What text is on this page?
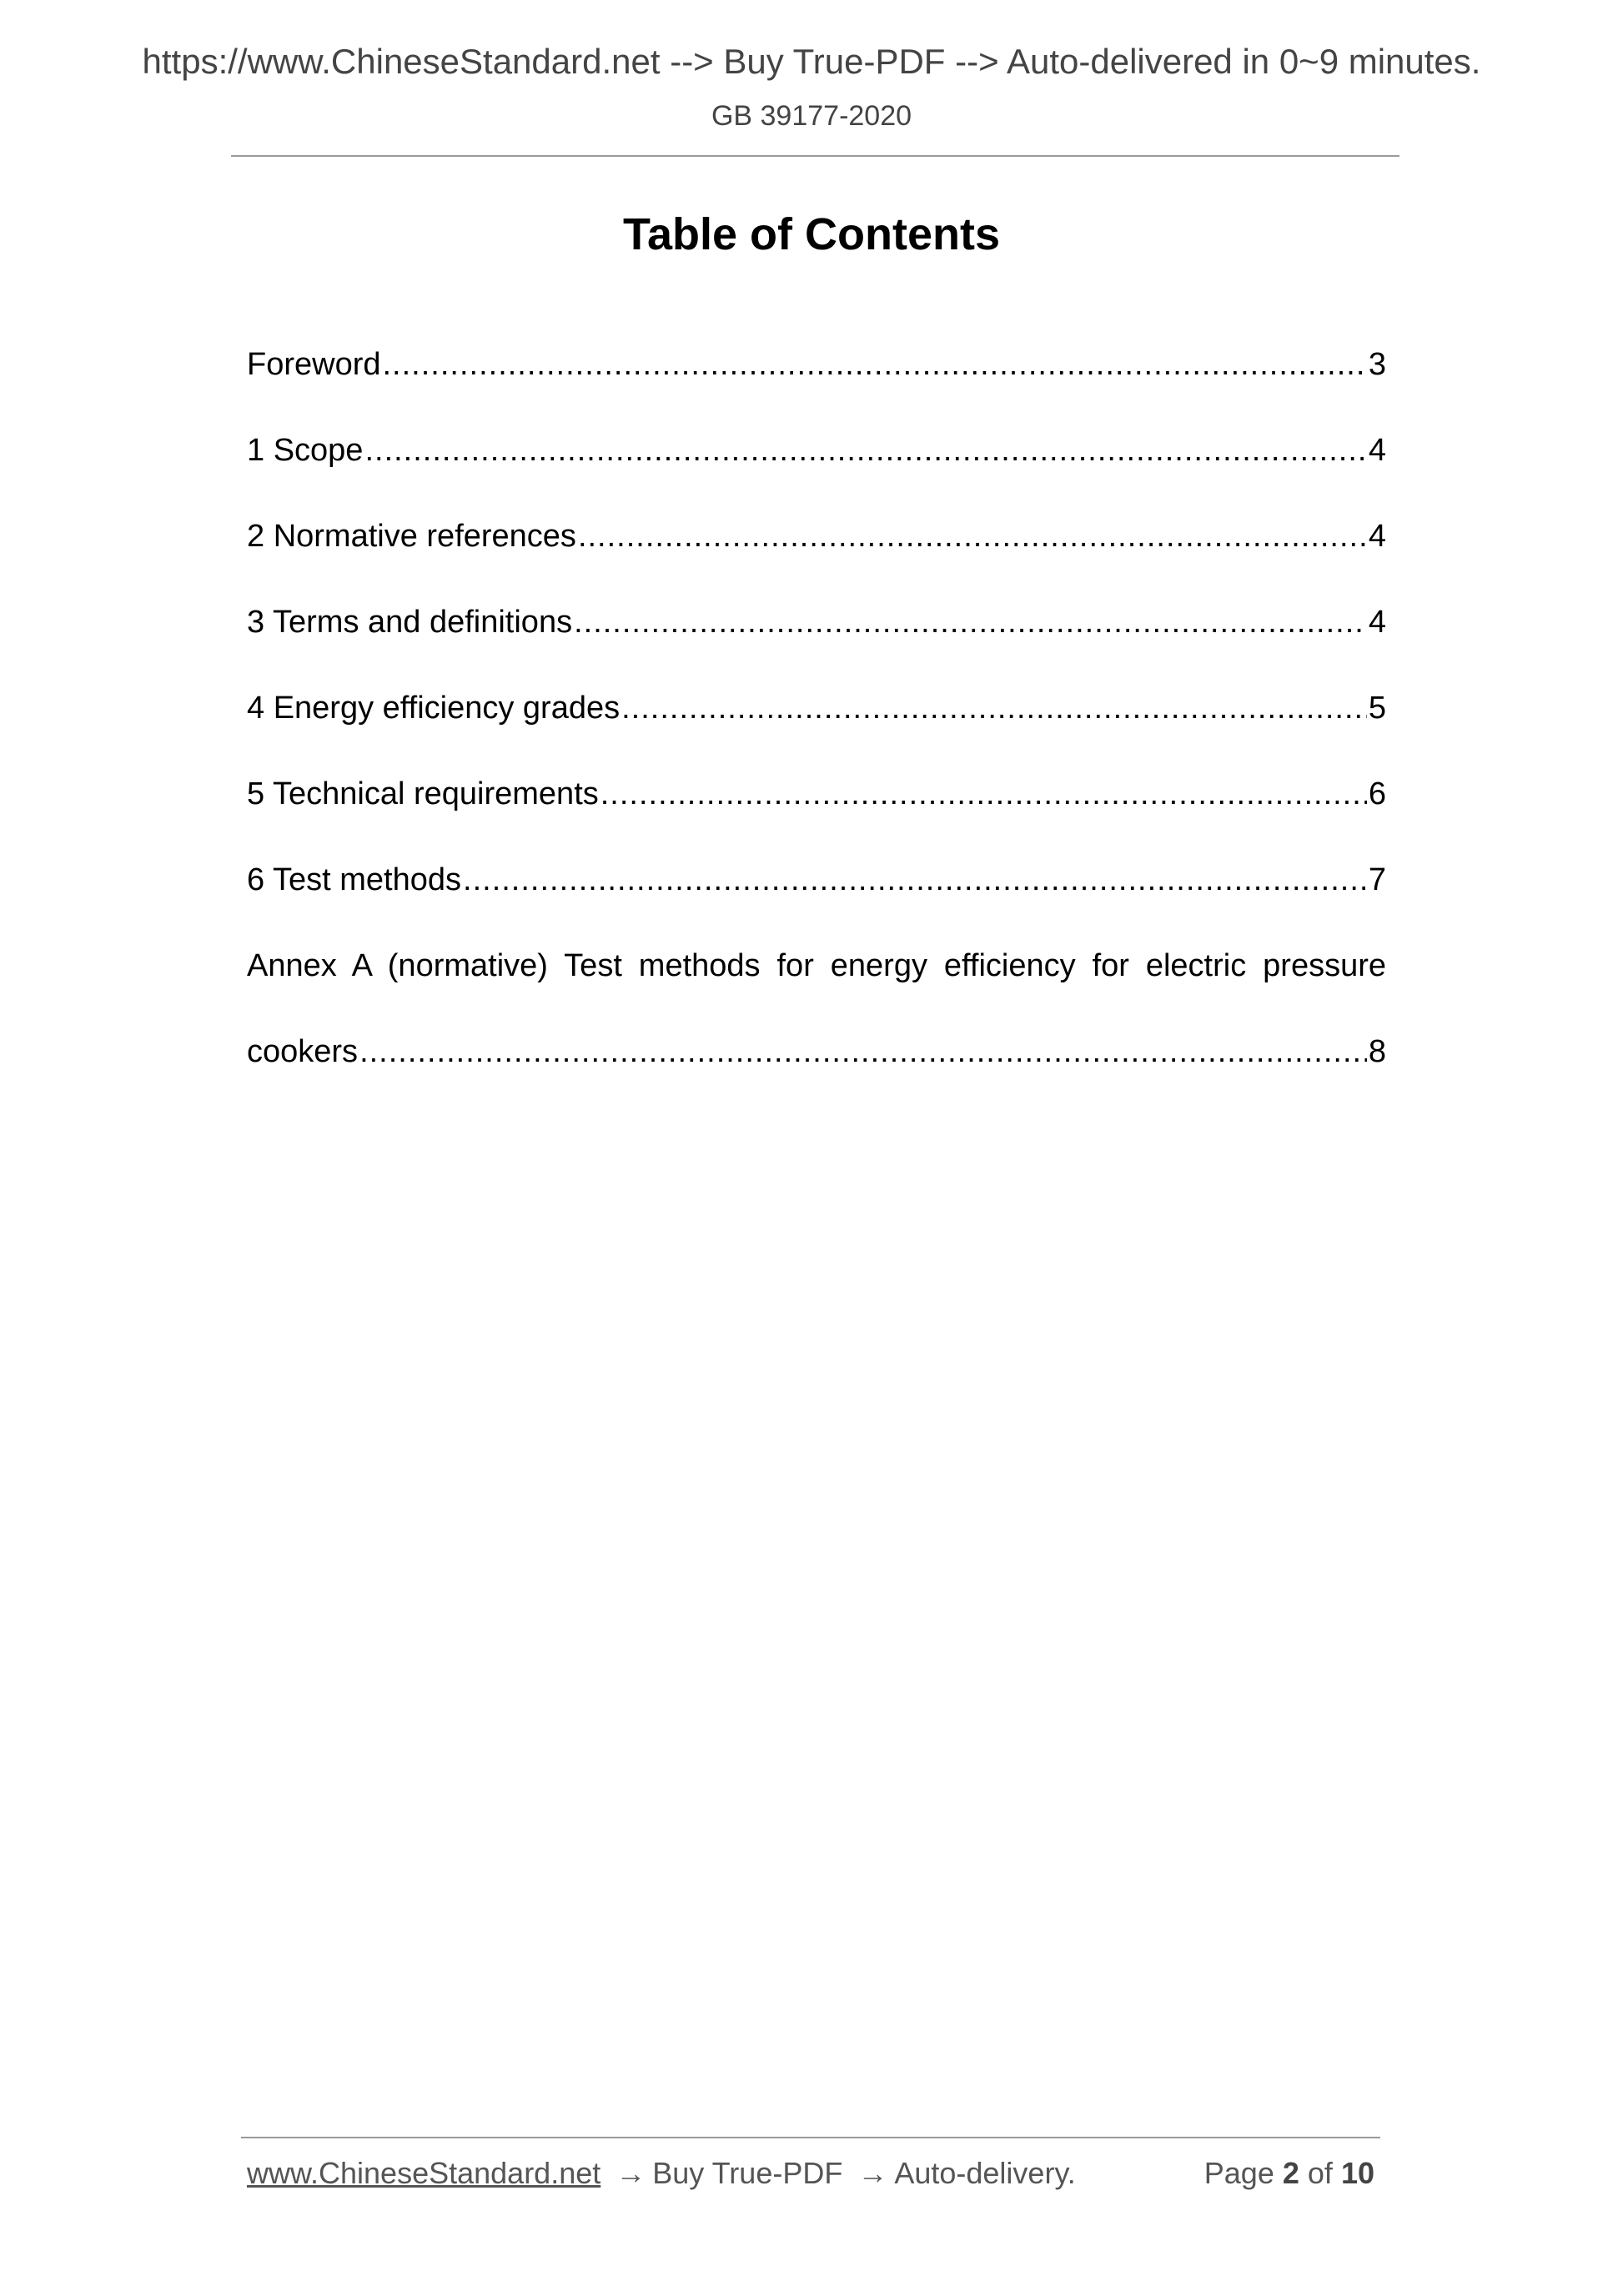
https://www.ChineseStandard.net --> Buy True-PDF --> Auto-delivered in 0~9 minutes.
GB 39177-2020
Table of Contents
Foreword .....	3
1 Scope .....	4
2 Normative references .....	4
3 Terms and definitions .....	4
4 Energy efficiency grades .....	5
5 Technical requirements .....	6
6 Test methods .....	7
Annex A (normative) Test methods for energy efficiency for electric pressure
cookers .....	8
www.ChineseStandard.net → Buy True-PDF → Auto-delivery.	Page 2 of 10
